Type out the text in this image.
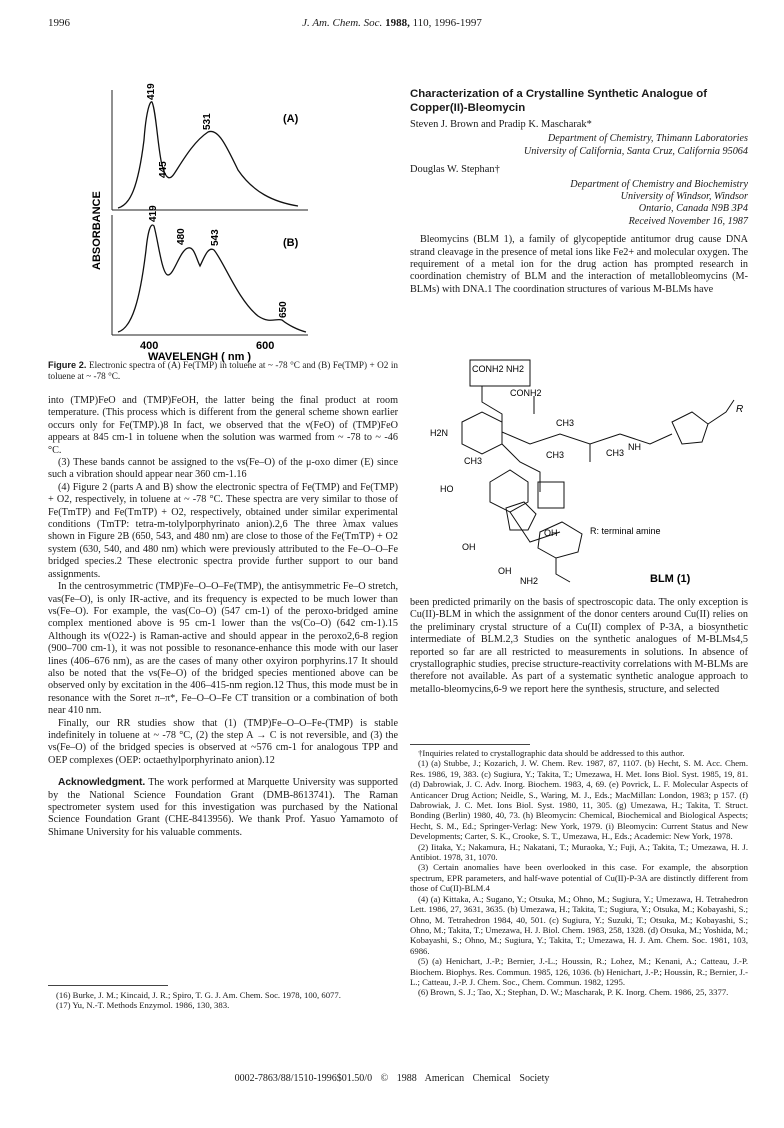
1996	J. Am. Chem. Soc. 1988, 110, 1996-1997
ABSORBANCE
(A)
419
445
531
(B)
419
480 543
650
400	600
WAVELENGH ( nm )
Figure 2. Electronic spectra of (A) Fe(TMP) in toluene at ~ -78 °C and (B) Fe(TMP) + O2 in toluene at ~ -78 °C.

into (TMP)FeO and (TMP)FeOH, the latter being the final product at room temperature. (This process which is different from the general scheme shown earlier occurs only for Fe(TMP).)8 In fact, we observed that the ν(FeO) of (TMP)FeO appears at 845 cm-1 in toluene when the solution was warmed from ~ -78 to ~ -46 °C.

(3) These bands cannot be assigned to the νs(Fe–O) of the μ-oxo dimer (E) since such a vibration should appear near 360 cm-1.16

(4) Figure 2 (parts A and B) show the electronic spectra of Fe(TMP) and Fe(TMP) + O2, respectively, in toluene at ~ -78 °C. These spectra are very similar to those of Fe(TmTP) and Fe(TmTP) + O2, respectively, obtained under similar experimental conditions (TmTP: tetra-m-tolylporphyrinato anion).2,6 The three λmax values shown in Figure 2B (650, 543, and 480 nm) are close to those of the Fe(TmTP) + O2 system (630, 540, and 480 nm) which were previously attributed to the Fe–O–O–Fe bridged species.2 These electronic spectra provide further support to our band assignments.

In the centrosymmetric (TMP)Fe–O–O–Fe(TMP), the antisymmetric Fe–O stretch, νas(Fe–O), is only IR-active, and its frequency is expected to be much lower than νs(Fe–O). For example, the νas(Co–O) (547 cm-1) of the peroxo-bridged amine complex mentioned above is 95 cm-1 lower than the νs(Co–O) (642 cm-1).15 Although its ν(O22-) is Raman-active and should appear in the peroxo2,6-8 region (900–700 cm-1), it was not possible to resonance-enhance this mode with our laser lines (406–676 nm), as are the cases of many other oxyiron porphyrins.17 It should also be noted that the νs(Fe–O) of the bridged species mentioned above can be observed only by excitation in the 406–415-nm region.12 Thus, this mode must be in resonance with the Soret π–π*, Fe–O–O–Fe CT transition or a combination of both near 410 nm.

Finally, our RR studies show that (1) (TMP)Fe–O–O–Fe-(TMP) is stable indefinitely in toluene at ~ -78 °C, (2) the step A → C is not reversible, and (3) the νs(Fe–O) of the bridged species is observed at ~576 cm-1 for analogous TPP and OEP complexes (OEP: octaethylporphyrinato anion).12

Acknowledgment. The work performed at Marquette University was supported by the National Science Foundation Grant (DMB-8613741). The Raman spectrometer system used for this investigation was purchased by the National Science Foundation Grant (CHE-8413956). We thank Prof. Yasuo Yamamoto of Shimane University for his valuable comments.

(16) Burke, J. M.; Kincaid, J. R.; Spiro, T. G. J. Am. Chem. Soc. 1978, 100, 6077.

(17) Yu, N.-T. Methods Enzymol. 1986, 130, 383.

Characterization of a Crystalline Synthetic Analogue of Copper(II)-Bleomycin
Steven J. Brown and Pradip K. Mascharak*
Department of Chemistry, Thimann Laboratories
University of California, Santa Cruz, California 95064
Douglas W. Stephan†
Department of Chemistry and Biochemistry
University of Windsor, Windsor
Ontario, Canada N9B 3P4
Received November 16, 1987

Bleomycins (BLM 1), a family of glycopeptide antitumor drug cause DNA strand cleavage in the presence of metal ions like Fe2+ and molecular oxygen. The requirement of a metal ion for the drug action has prompted research in coordination chemistry of BLM and the interaction of metallobleomycins (M-BLMs) with DNA.1 The coordination structures of various M-BLMs have

CONH2 NH2
CONH2
H2N
CH3
CH3
CH3	CH3
HO
NH
OH
OH
OH
R
R: terminal amine
NH2	BLM (1)

been predicted primarily on the basis of spectroscopic data. The only exception is Cu(II)-BLM in which the assignment of the donor centers around Cu(II) relies on the preliminary crystal structure of a Cu(II) complex of P-3A, a biosynthetic intermediate of BLM.2,3 Studies on the synthetic analogues of M-BLMs4,5 reported so far are all restricted to measurements in solutions. In absence of crystallographic studies, precise structure-reactivity correlations with M-BLMs are therefore not available. As part of a systematic synthetic analogue approach to metallo-bleomycins,6-9 we report here the synthesis, structure, and selected

†Inquiries related to crystallographic data should be addressed to this author.

(1) (a) Stubbe, J.; Kozarich, J. W. Chem. Rev. 1987, 87, 1107. (b) Hecht, S. M. Acc. Chem. Res. 1986, 19, 383. (c) Sugiura, Y.; Takita, T.; Umezawa, H. Met. Ions Biol. Syst. 1985, 19, 81. (d) Dabrowiak, J. C. Adv. Inorg. Biochem. 1983, 4, 69. (e) Povrick, L. F. Molecular Aspects of Anticancer Drug Action; Neidle, S., Waring, M. J., Eds.; MacMillan: London, 1983; p 157. (f) Dabrowiak, J. C. Met. Ions Biol. Syst. 1980, 11, 305. (g) Umezawa, H.; Takita, T. Struct. Bonding (Berlin) 1980, 40, 73. (h) Bleomycin: Chemical, Biochemical and Biological Aspects; Hecht, S. M., Ed.; Springer-Verlag: New York, 1979. (i) Bleomycin: Current Status and New Developments; Carter, S. K., Crooke, S. T., Umezawa, H., Eds.; Academic: New York, 1978.

(2) Iitaka, Y.; Nakamura, H.; Nakatani, T.; Muraoka, Y.; Fuji, A.; Takita, T.; Umezawa, H. J. Antibiot. 1978, 31, 1070.

(3) Certain anomalies have been overlooked in this case. For example, the absorption spectrum, EPR parameters, and half-wave potential of Cu(II)-P-3A are distinctly different from those of Cu(II)-BLM.4

(4) (a) Kittaka, A.; Sugano, Y.; Otsuka, M.; Ohno, M.; Sugiura, Y.; Umezawa, H. Tetrahedron Lett. 1986, 27, 3631, 3635. (b) Umezawa, H.; Takita, T.; Sugiura, Y.; Otsuka, M.; Kobayashi, S.; Ohno, M. Tetrahedron 1984, 40, 501. (c) Sugiura, Y.; Suzuki, T.; Otsuka, M.; Kobayashi, S.; Ohno, M.; Takita, T.; Umezawa, H. J. Biol. Chem. 1983, 258, 1328. (d) Otsuka, M.; Yoshida, M.; Kobayashi, S.; Ohno, M.; Sugiura, Y.; Takita, T.; Umezawa, H. J. Am. Chem. Soc. 1981, 103, 6986.

(5) (a) Henichart, J.-P.; Bernier, J.-L.; Houssin, R.; Lohez, M.; Kenani, A.; Catteau, J.-P. Biochem. Biophys. Res. Commun. 1985, 126, 1036. (b) Henichart, J.-P.; Houssin, R.; Bernier, J.-L.; Catteau, J.-P. J. Chem. Soc., Chem. Commun. 1982, 1295.

(6) Brown, S. J.; Tao, X.; Stephan, D. W.; Mascharak, P. K. Inorg. Chem. 1986, 25, 3377.

0002-7863/88/1510-1996$01.50/0 © 1988 American Chemical Society
